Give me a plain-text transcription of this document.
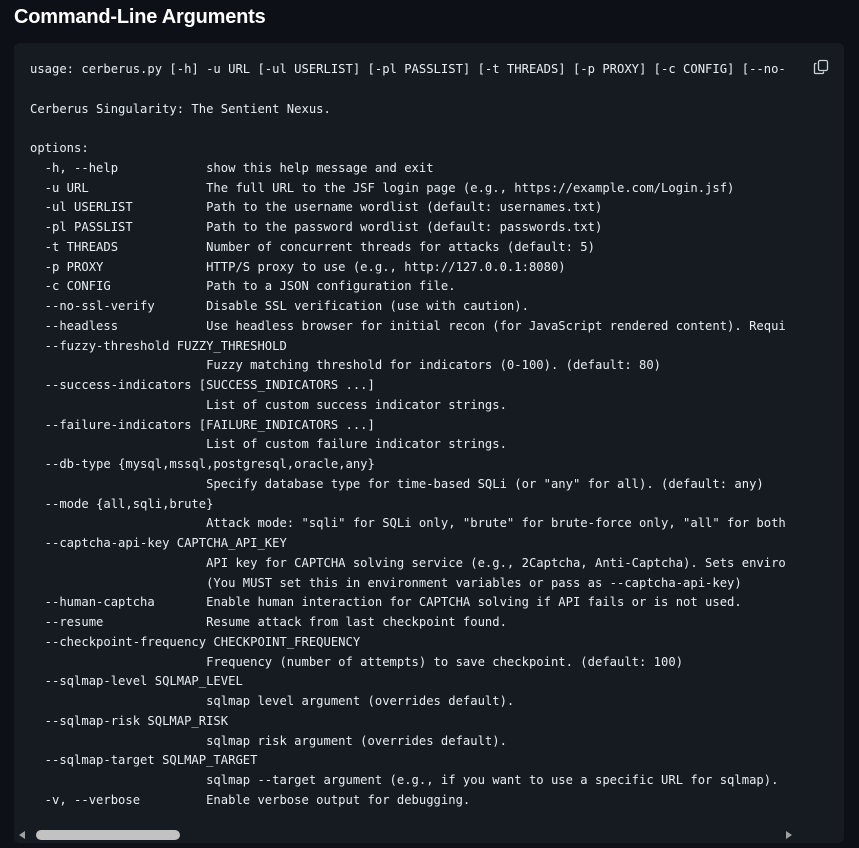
Command-Line Arguments
usage: cerberus.py [-h] -u URL [-ul USERLIST] [-pl PASSLIST] [-t THREADS] [-p PROXY] [-c CONFIG] [--no-

Cerberus Singularity: The Sentient Nexus.

options:
-h, --help            show this help message and exit
-u URL                The full URL to the JSF login page (e.g., https://example.com/Login.jsf)
-ul USERLIST          Path to the username wordlist (default: usernames.txt)
-pl PASSLIST          Path to the password wordlist (default: passwords.txt)
-t THREADS            Number of concurrent threads for attacks (default: 5)
-p PROXY              HTTP/S proxy to use (e.g., http://127.0.0.1:8080)
-c CONFIG             Path to a JSON configuration file.
--no-ssl-verify       Disable SSL verification (use with caution).
--headless            Use headless browser for initial recon (for JavaScript rendered content). Requi
--fuzzy-threshold FUZZY_THRESHOLD
Fuzzy matching threshold for indicators (0-100). (default: 80)
--success-indicators [SUCCESS_INDICATORS ...]
List of custom success indicator strings.
--failure-indicators [FAILURE_INDICATORS ...]
List of custom failure indicator strings.
--db-type {mysql,mssql,postgresql,oracle,any}
Specify database type for time-based SQLi (or "any" for all). (default: any)
--mode {all,sqli,brute}
Attack mode: "sqli" for SQLi only, "brute" for brute-force only, "all" for both
--captcha-api-key CAPTCHA_API_KEY
API key for CAPTCHA solving service (e.g., 2Captcha, Anti-Captcha). Sets enviro
(You MUST set this in environment variables or pass as --captcha-api-key)
--human-captcha       Enable human interaction for CAPTCHA solving if API fails or is not used.
--resume              Resume attack from last checkpoint found.
--checkpoint-frequency CHECKPOINT_FREQUENCY
Frequency (number of attempts) to save checkpoint. (default: 100)
--sqlmap-level SQLMAP_LEVEL
sqlmap level argument (overrides default).
--sqlmap-risk SQLMAP_RISK
sqlmap risk argument (overrides default).
--sqlmap-target SQLMAP_TARGET
sqlmap --target argument (e.g., if you want to use a specific URL for sqlmap).
-v, --verbose         Enable verbose output for debugging.
